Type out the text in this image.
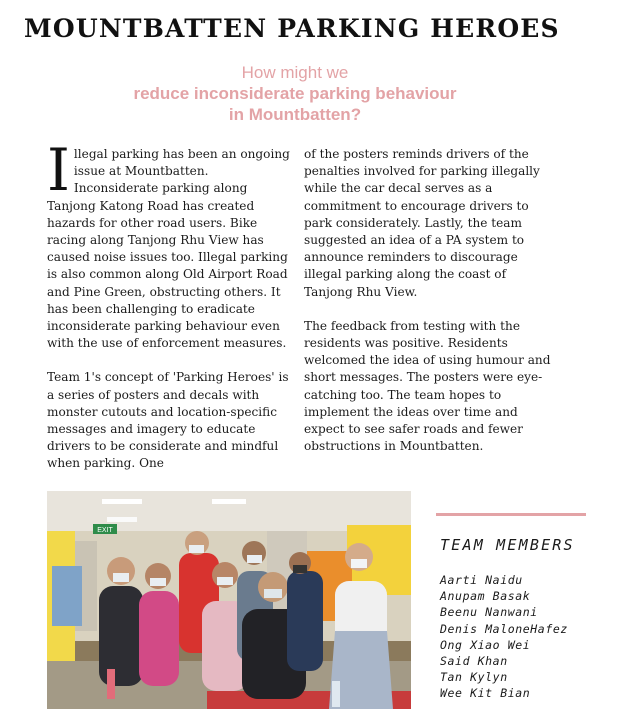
MOUNTBATTEN PARKING HEROES
How might we
reduce inconsiderate parking behaviour
in Mountbatten?

Illegal parking has been an ongoing issue at Mountbatten. Inconsiderate parking along Tanjong Katong Road has created hazards for other road users. Bike racing along Tanjong Rhu View has caused noise issues too. Illegal parking is also common along Old Airport Road and Pine Green, obstructing others. It has been challenging to eradicate inconsiderate parking behaviour even with the use of enforcement measures.

Team 1's concept of 'Parking Heroes' is a series of posters and decals with monster cutouts and location-specific messages and imagery to educate drivers to be considerate and mindful when parking. One

of the posters reminds drivers of the penalties involved for parking illegally while the car decal serves as a commitment to encourage drivers to park considerately. Lastly, the team suggested an idea of a PA system to announce reminders to discourage illegal parking along the coast of Tanjong Rhu View.

The feedback from testing with the residents was positive. Residents welcomed the idea of using humour and short messages. The posters were eye-catching too. The team hopes to implement the ideas over time and expect to see safer roads and fewer obstructions in Mountbatten.

EXIT
TEAM MEMBERS
Aarti Naidu
Anupam Basak
Beenu Nanwani
Denis MaloneHafez
Ong Xiao Wei
Said Khan
Tan Kylyn
Wee Kit Bian
